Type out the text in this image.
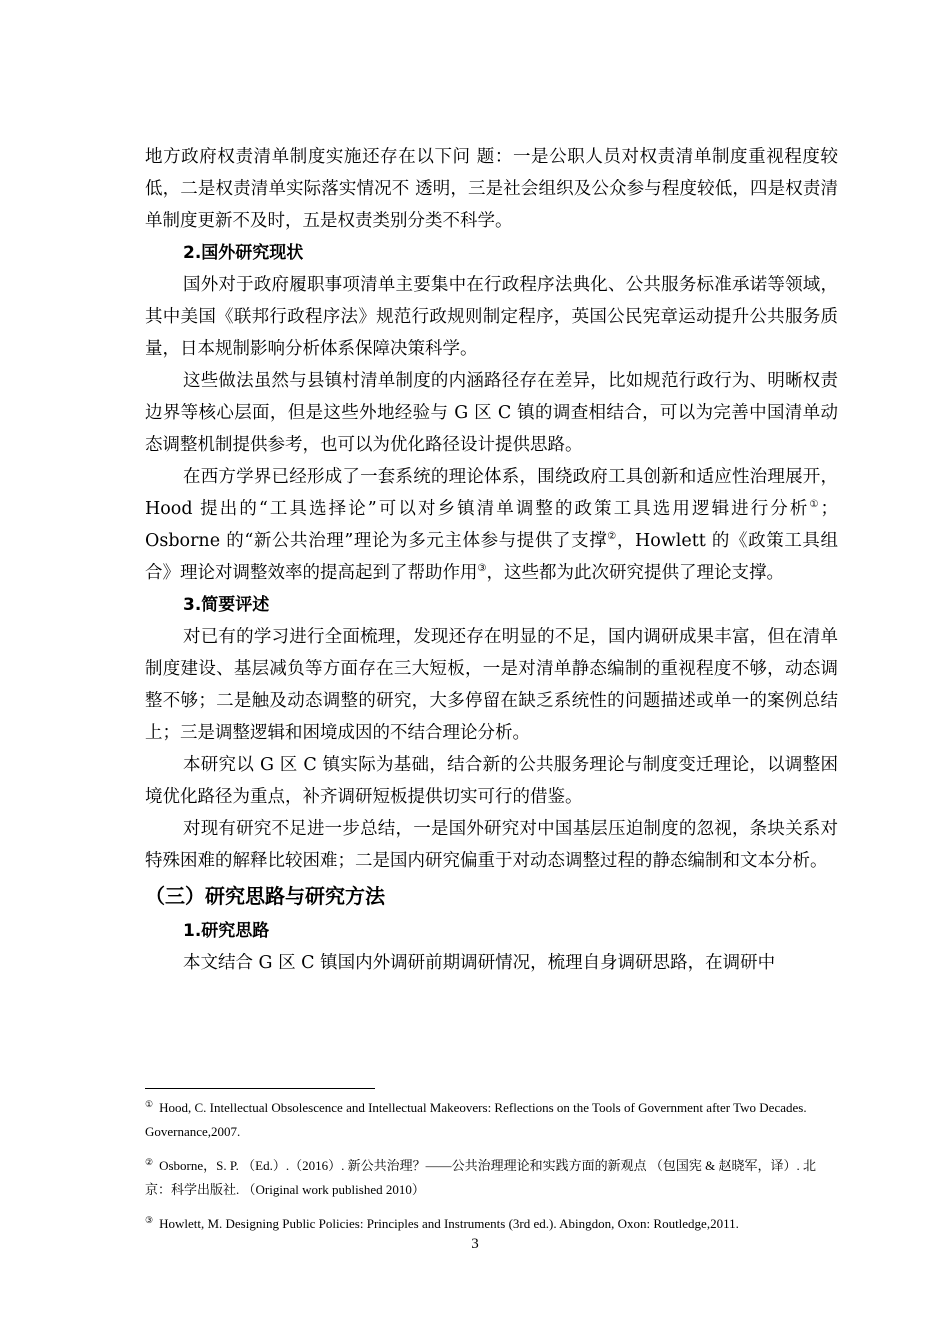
地方政府权责清单制度实施还存在以下问 题：一是公职人员对权责清单制度重视程度较低，二是权责清单实际落实情况不 透明，三是社会组织及公众参与程度较低，四是权责清单制度更新不及时，五是权责类别分类不科学。

2.国外研究现状

国外对于政府履职事项清单主要集中在行政程序法典化、公共服务标准承诺等领域，其中美国《联邦行政程序法》规范行政规则制定程序，英国公民宪章运动提升公共服务质量，日本规制影响分析体系保障决策科学。

这些做法虽然与县镇村清单制度的内涵路径存在差异，比如规范行政行为、明晰权责边界等核心层面，但是这些外地经验与 G 区 C 镇的调查相结合，可以为完善中国清单动态调整机制提供参考，也可以为优化路径设计提供思路。

在西方学界已经形成了一套系统的理论体系，围绕政府工具创新和适应性治理展开，Hood 提出的“工具选择论”可以对乡镇清单调整的政策工具选用逻辑进行分析①；Osborne 的“新公共治理”理论为多元主体参与提供了支撑②，Howlett 的《政策工具组合》理论对调整效率的提高起到了帮助作用③，这些都为此次研究提供了理论支撑。

3.简要评述

对已有的学习进行全面梳理，发现还存在明显的不足，国内调研成果丰富，但在清单制度建设、基层减负等方面存在三大短板，一是对清单静态编制的重视程度不够，动态调整不够；二是触及动态调整的研究，大多停留在缺乏系统性的问题描述或单一的案例总结上；三是调整逻辑和困境成因的不结合理论分析。

本研究以 G 区 C 镇实际为基础，结合新的公共服务理论与制度变迁理论，以调整困境优化路径为重点，补齐调研短板提供切实可行的借鉴。

对现有研究不足进一步总结，一是国外研究对中国基层压迫制度的忽视，条块关系对特殊困难的解释比较困难；二是国内研究偏重于对动态调整过程的静态编制和文本分析。

（三）研究思路与研究方法

1.研究思路

本文结合 G 区 C 镇国内外调研前期调研情况，梳理自身调研思路，在调研中

① Hood, C. Intellectual Obsolescence and Intellectual Makeovers: Reflections on the Tools of Government after Two Decades. Governance,2007.

② Osborne，S. P. （Ed.）.（2016）. 新公共治理？——公共治理理论和实践方面的新观点 （包国宪 & 赵晓军，译）. 北京：科学出版社. （Original work published 2010）

③ Howlett, M. Designing Public Policies: Principles and Instruments (3rd ed.). Abingdon, Oxon: Routledge,2011.

3
